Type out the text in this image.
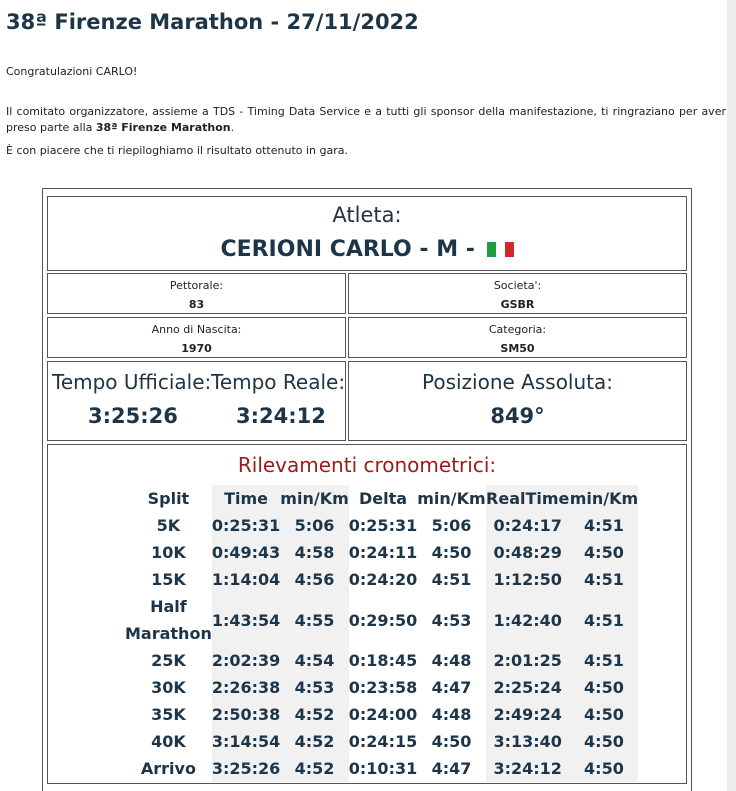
38ª Firenze Marathon - 27/11/2022
Congratulazioni CARLO!
Il comitato organizzatore, assieme a TDS - Timing Data Service e a tutti gli sponsor della manifestazione, ti ringraziano per aver preso parte alla 38ª Firenze Marathon.
È con piacere che ti riepiloghiamo il risultato ottenuto in gara.
Atleta:
CERIONI CARLO - M -
Pettorale:
83
Societa':
GSBR
Anno di Nascita:
1970
Categoria:
SM50
Tempo Ufficiale: Tempo Reale:
3:25:26	3:24:12
Posizione Assoluta:
849°
Rilevamenti cronometrici:
Split	Time	min/Km	Delta	min/Km	RealTime	min/Km
5K	0:25:31	5:06	0:25:31	5:06	0:24:17	4:51
10K	0:49:43	4:58	0:24:11	4:50	0:48:29	4:50
15K	1:14:04	4:56	0:24:20	4:51	1:12:50	4:51
Half Marathon	1:43:54	4:55	0:29:50	4:53	1:42:40	4:51
25K	2:02:39	4:54	0:18:45	4:48	2:01:25	4:51
30K	2:26:38	4:53	0:23:58	4:47	2:25:24	4:50
35K	2:50:38	4:52	0:24:00	4:48	2:49:24	4:50
40K	3:14:54	4:52	0:24:15	4:50	3:13:40	4:50
Arrivo	3:25:26	4:52	0:10:31	4:47	3:24:12	4:50
